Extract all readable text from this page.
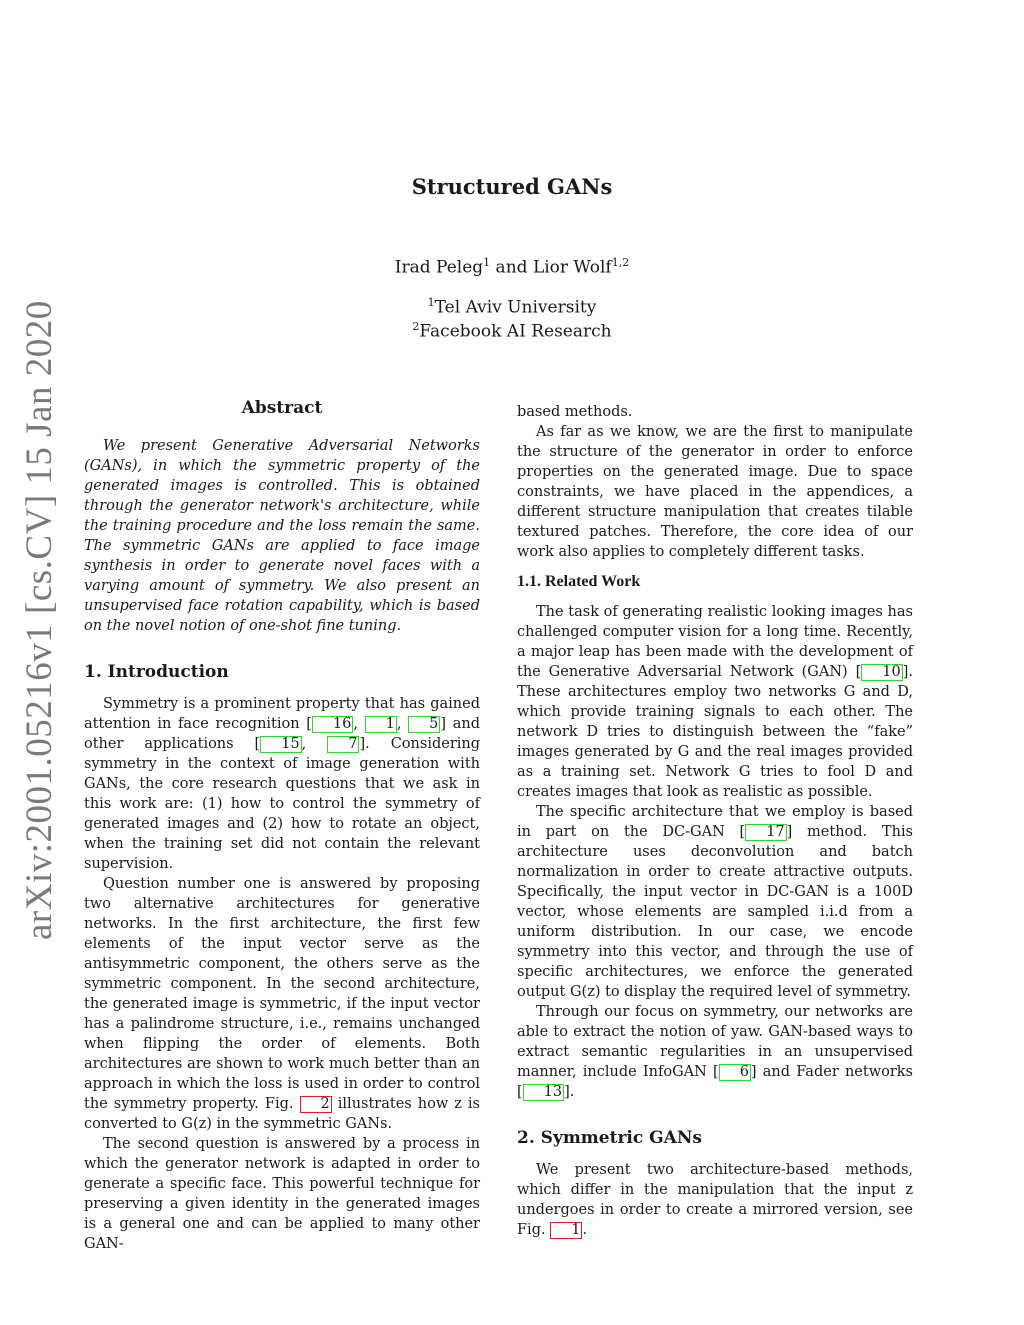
Structured GANs
Irad Peleg$^1$ and Lior Wolf$^{1,2}$
$^1$Tel Aviv University
$^2$Facebook AI Research
arXiv:2001.05216v1 [cs.CV] 15 Jan 2020	Abstract

We present Generative Adversarial Networks (GANs), in which the symmetric property of the generated images is controlled. This is obtained through the generator network's architecture, while the training procedure and the loss remain the same. The symmetric GANs are applied to face image synthesis in order to generate novel faces with a varying amount of symmetry. We also present an unsupervised face rotation capability, which is based on the novel notion of one-shot fine tuning.

1. Introduction

Symmetry is a prominent property that has gained attention in face recognition [ 16 , 1 , 5 ] and other applications [ 15 , 7 ]. Considering symmetry in the context of image generation with GANs, the core research questions that we ask in this work are: (1) how to control the symmetry of generated images and (2) how to rotate an object, when the training set did not contain the relevant supervision.

Question number one is answered by proposing two alternative architectures for generative networks. In the first architecture, the first few elements of the input vector serve as the antisymmetric component, the others serve as the symmetric component. In the second architecture, the generated image is symmetric, if the input vector has a palindrome structure, i.e., remains unchanged when flipping the order of elements. Both architectures are shown to work much better than an approach in which the loss is used in order to control the symmetry property. Fig. 2 illustrates how z is converted to G(z) in the symmetric GANs.

The second question is answered by a process in which the generator network is adapted in order to generate a specific face. This powerful technique for preserving a given identity in the generated images is a general one and can be applied to many other GAN-

based methods.

As far as we know, we are the first to manipulate the structure of the generator in order to enforce properties on the generated image. Due to space constraints, we have placed in the appendices, a different structure manipulation that creates tilable textured patches. Therefore, the core idea of our work also applies to completely different tasks.

1.1. Related Work

The task of generating realistic looking images has challenged computer vision for a long time. Recently, a major leap has been made with the development of the Generative Adversarial Network (GAN) [ 10 ]. These architectures employ two networks G and D, which provide training signals to each other. The network D tries to distinguish between the “fake” images generated by G and the real images provided as a training set. Network G tries to fool D and creates images that look as realistic as possible.

The specific architecture that we employ is based in part on the DC-GAN [ 17 ] method. This architecture uses deconvolution and batch normalization in order to create attractive outputs. Specifically, the input vector in DC-GAN is a 100D vector, whose elements are sampled i.i.d from a uniform distribution. In our case, we encode symmetry into this vector, and through the use of specific architectures, we enforce the generated output G(z) to display the required level of symmetry.

Through our focus on symmetry, our networks are able to extract the notion of yaw. GAN-based ways to extract semantic regularities in an unsupervised manner, include InfoGAN [ 6 ] and Fader networks [ 13 ].

2. Symmetric GANs

We present two architecture-based methods, which differ in the manipulation that the input z undergoes in order to create a mirrored version, see Fig. 1 .
